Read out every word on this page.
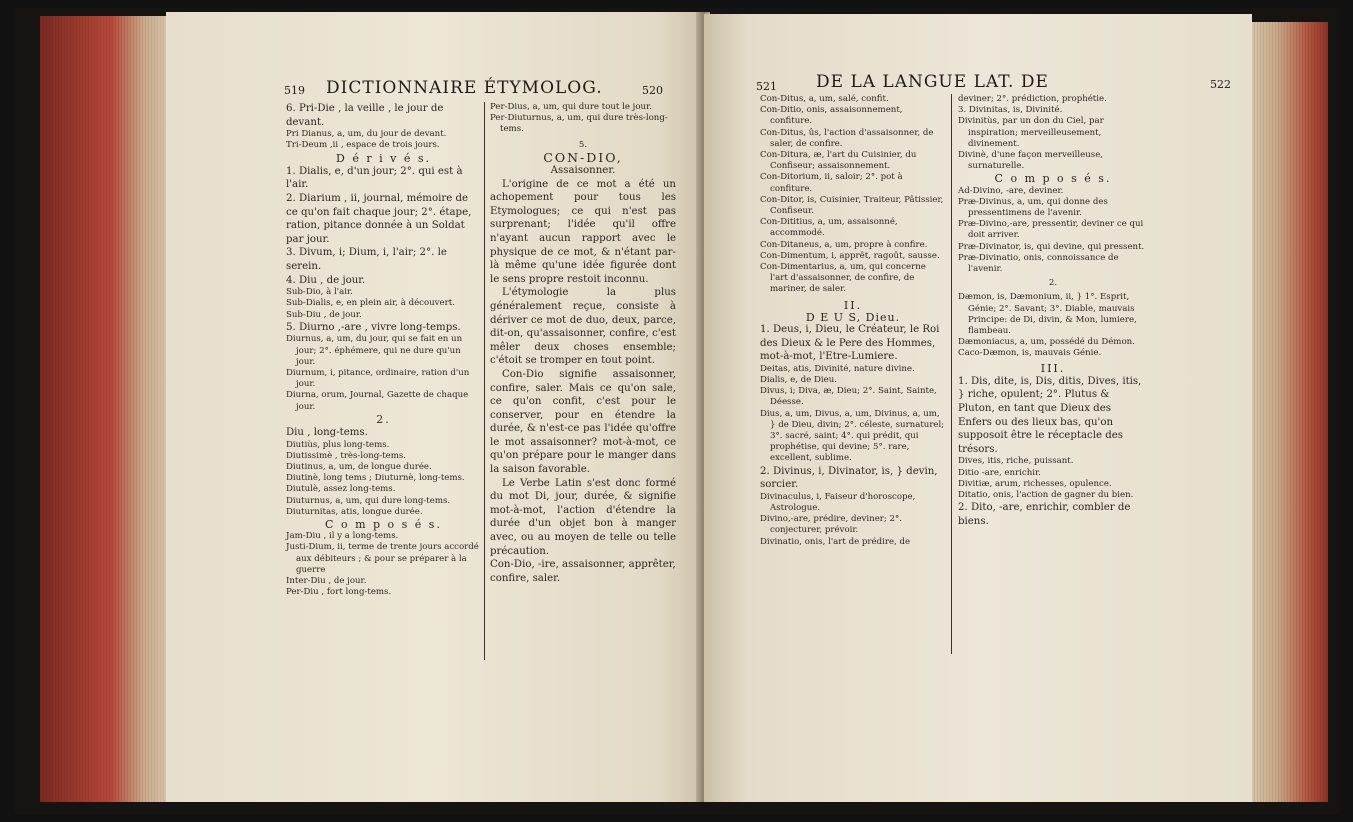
519 DICTIONNAIRE ÉTYMOLOG.	520

6. Pri-Die , la veille , le jour de devant.

Pri Dianus, a, um, du jour de devant.

Tri-Deum ,ii , espace de trois jours.

D é r i v é s.

1. Dialis, e, d'un jour; 2°. qui est à l'air.

2. Diarium , ii, journal, mémoire de ce qu'on fait chaque jour; 2°. étape, ration, pitance donnée à un Soldat par jour.

3. Divum, i; Dium, i, l'air; 2°. le serein.

4. Diu , de jour.

Sub-Dio, à l'air.

Sub-Dialis, e, en plein air, à découvert.

Sub-Diu , de jour.

5. Diurno ,-are , vivre long-temps.

Diurnus, a, um, du jour, qui se fait en un jour; 2°. éphémere, qui ne dure qu'un jour.

Diurnum, i, pitance, ordinaire, ration d'un jour.

Diurna, orum, Journal, Gazette de chaque jour.

2.

Diu , long-tems.

Diutiùs, plus long-tems.

Diutissimè , très-long-tems.

Diutinus, a, um, de longue durée.

Diutinè, long tems ; Diuturnè, long-tems.

Diutulè, assez long-tems.

Diuturnus, a, um, qui dure long-tems.

Diuturnitas, atis, longue durée.

C o m p o s é s.

Jam-Diu , il y a long-tems.

Justi-Dium, ii, terme de trente jours accordé aux débiteurs ; & pour se préparer à la guerre

Inter-Diu , de jour.

Per-Diu , fort long-tems.

Per-Dius, a, um, qui dure tout le jour.

Per-Diuturnus, a, um, qui dure très-long-tems.

5.

CON-DIO,

Assaisonner.

L'origine de ce mot a été un achopement pour tous les Etymologues; ce qui n'est pas surprenant; l'idée qu'il offre n'ayant aucun rapport avec le physique de ce mot, & n'étant par-là même qu'une idée figurée dont le sens propre restoit inconnu.

L'étymologie la plus généralement reçue, consiste à dériver ce mot de duo, deux, parce, dit-on, qu'assaisonner, confire, c'est mêler deux choses ensemble; c'étoit se tromper en tout point.

Con-Dio signifie assaisonner, confire, saler. Mais ce qu'on sale, ce qu'on confit, c'est pour le conserver, pour en étendre la durée, & n'est-ce pas l'idée qu'offre le mot assaisonner? mot-à-mot, ce qu'on prépare pour le manger dans la saison favorable.

Le Verbe Latin s'est donc formé du mot Di, jour, durée, & signifie mot-à-mot, l'action d'étendre la durée d'un objet bon à manger avec, ou au moyen de telle ou telle précaution.

Con-Dio, -ire, assaisonner, apprêter, confire, saler.

521 DE LA LANGUE LAT. DE	522

Con-Ditus, a, um, salé, confit.

Con-Ditio, onis, assaisonnement, confiture.

Con-Ditus, ûs, l'action d'assaisonner, de saler, de confire.

Con-Ditura, æ, l'art du Cuisinier, du Confiseur; assaisonnement.

Con-Ditorium, ii, saloir; 2°. pot à confiture.

Con-Ditor, is, Cuisinier, Traiteur, Pâtissier, Confiseur.

Con-Dititius, a, um, assaisonné, accommodé.

Con-Ditaneus, a, um, propre à confire.

Con-Dimentum, i, apprêt, ragoût, sausse.

Con-Dimentarius, a, um, qui concerne l'art d'assaisonner, de confire, de mariner, de saler.

II.

D E U S, Dieu.

1. Deus, i, Dieu, le Créateur, le Roi des Dieux & le Pere des Hommes, mot-à-mot, l'Etre-Lumiere.

Deitas, atis, Divinité, nature divine.

Dialis, e, de Dieu.

Divus, i; Diva, æ, Dieu; 2°. Saint, Sainte, Déesse.

Dius, a, um, Divus, a, um, Divinus, a, um, } de Dieu, divin; 2°. céleste, surnaturel; 3°. sacré, saint; 4°. qui prédit, qui prophétise, qui devine; 5°. rare, excellent, sublime.

2. Divinus, i, Divinator, is, } devin, sorcier.

Divinaculus, i, Faiseur d'horoscope, Astrologue.

Divino,-are, prédire, deviner; 2°. conjecturer, prévoir.

Divinatio, onis, l'art de prédire, de

deviner; 2°. prédiction, prophétie.

3. Divinitas, is, Divinité.

Divinitùs, par un don du Ciel, par inspiration; merveilleusement, divinement.

Divinè, d'une façon merveilleuse, surnaturelle.

C o m p o s é s.

Ad-Divino, -are, deviner.

Præ-Divinus, a, um, qui donne des pressentimens de l'avenir.

Præ-Divino,-are, pressentir, deviner ce qui doit arriver.

Præ-Divinator, is, qui devine, qui pressent.

Præ-Divinatio, onis, connoissance de l'avenir.

2.

Dæmon, is, Dæmonium, ii, } 1°. Esprit, Génie; 2°. Savant; 3°. Diable, mauvais Principe: de Di, divin, & Mon, lumiere, flambeau.

Dæmoniacus, a, um, possédé du Démon.

Caco-Dæmon, is, mauvais Génie.

III.

1. Dis, dite, is, Dis, ditis, Dives, itis, } riche, opulent; 2°. Plutus & Pluton, en tant que Dieux des Enfers ou des lieux bas, qu'on supposoit être le réceptacle des trésors.

Dives, itis, riche, puissant.

Ditio -are, enrichir.

Divitiæ, arum, richesses, opulence.

Ditatio, onis, l'action de gagner du bien.

2. Dito, -are, enrichir, combler de biens.
